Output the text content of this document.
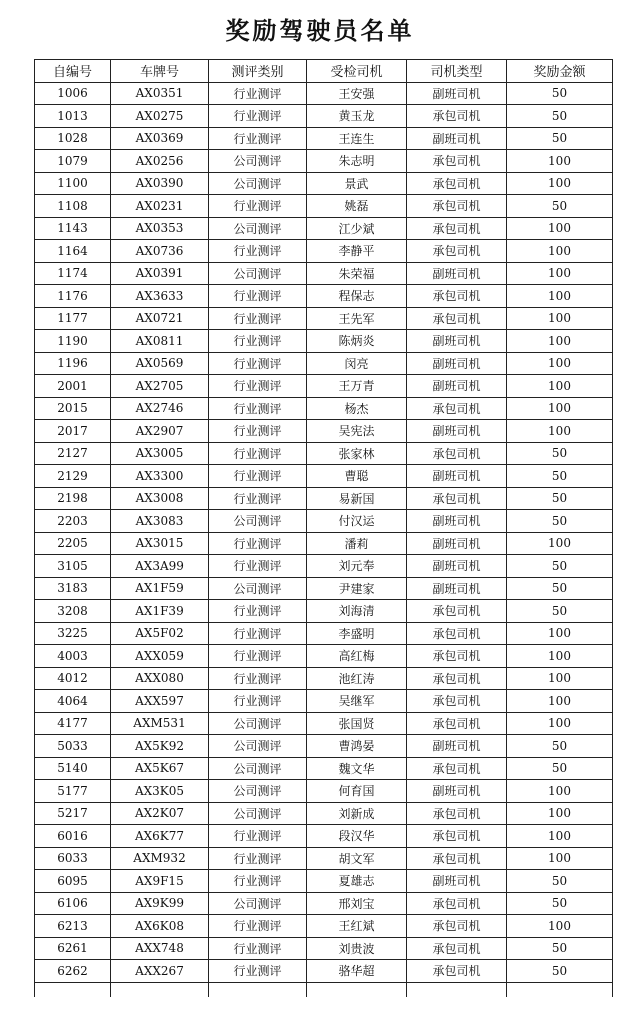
奖励驾驶员名单
自编号	车牌号	测评类别	受检司机	司机类型	奖励金额
1006	AX0351	行业测评	王安强	副班司机	50
1013	AX0275	行业测评	黄玉龙	承包司机	50
1028	AX0369	行业测评	王连生	副班司机	50
1079	AX0256	公司测评	朱志明	承包司机	100
1100	AX0390	公司测评	景武	承包司机	100
1108	AX0231	行业测评	姚磊	承包司机	50
1143	AX0353	公司测评	江少斌	承包司机	100
1164	AX0736	行业测评	李静平	承包司机	100
1174	AX0391	公司测评	朱荣福	副班司机	100
1176	AX3633	行业测评	程保志	承包司机	100
1177	AX0721	行业测评	王先军	承包司机	100
1190	AX0811	行业测评	陈炳炎	副班司机	100
1196	AX0569	行业测评	闵亮	副班司机	100
2001	AX2705	行业测评	王万青	副班司机	100
2015	AX2746	行业测评	杨杰	承包司机	100
2017	AX2907	行业测评	吴宪法	副班司机	100
2127	AX3005	行业测评	张家林	承包司机	50
2129	AX3300	行业测评	曹聪	副班司机	50
2198	AX3008	行业测评	易新国	承包司机	50
2203	AX3083	公司测评	付汉运	副班司机	50
2205	AX3015	行业测评	潘莉	副班司机	100
3105	AX3A99	行业测评	刘元奉	副班司机	50
3183	AX1F59	公司测评	尹建家	副班司机	50
3208	AX1F39	行业测评	刘海清	承包司机	50
3225	AX5F02	行业测评	李盛明	承包司机	100
4003	AXX059	行业测评	高红梅	承包司机	100
4012	AXX080	行业测评	池红涛	承包司机	100
4064	AXX597	行业测评	吴继军	承包司机	100
4177	AXM531	公司测评	张国贤	承包司机	100
5033	AX5K92	公司测评	曹鸿晏	副班司机	50
5140	AX5K67	公司测评	魏文华	承包司机	50
5177	AX3K05	公司测评	何育国	副班司机	100
5217	AX2K07	公司测评	刘新成	承包司机	100
6016	AX6K77	行业测评	段汉华	承包司机	100
6033	AXM932	行业测评	胡文军	承包司机	100
6095	AX9F15	行业测评	夏雄志	副班司机	50
6106	AX9K99	公司测评	邢刘宝	承包司机	50
6213	AX6K08	行业测评	王红斌	承包司机	100
6261	AXX748	行业测评	刘贵波	承包司机	50
6262	AXX267	行业测评	骆华超	承包司机	50
